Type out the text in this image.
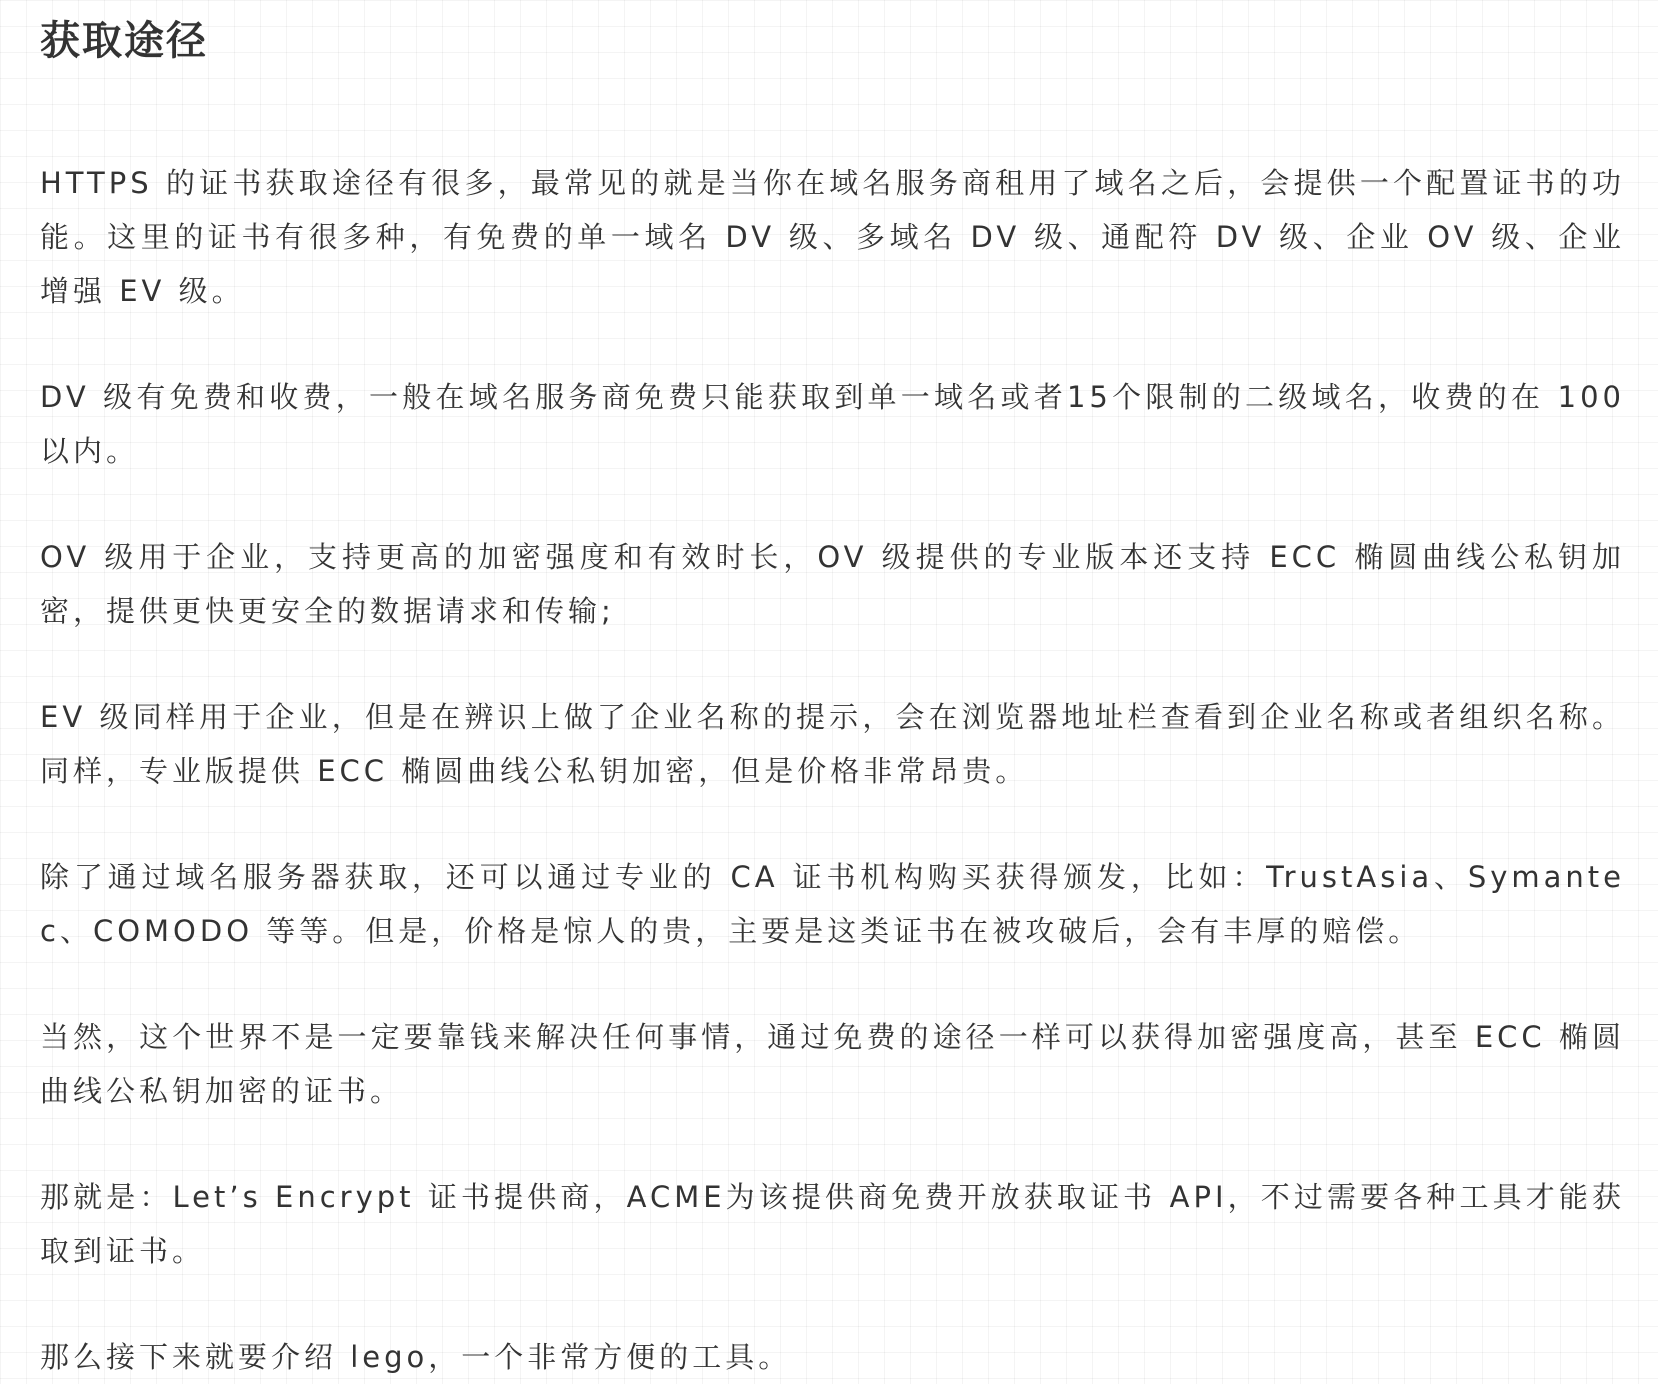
获取途径

HTTPS 的证书获取途径有很多，最常见的就是当你在域名服务商租用了域名之后，会提供一个配置证书的功能。这里的证书有很多种，有免费的单一域名 DV 级、多域名 DV 级、通配符 DV 级、企业 OV 级、企业增强 EV 级。

DV 级有免费和收费，一般在域名服务商免费只能获取到单一域名或者15个限制的二级域名，收费的在 100 以内。

OV 级用于企业，支持更高的加密强度和有效时长，OV 级提供的专业版本还支持 ECC 椭圆曲线公私钥加密，提供更快更安全的数据请求和传输;

EV 级同样用于企业，但是在辨识上做了企业名称的提示，会在浏览器地址栏查看到企业名称或者组织名称。同样，专业版提供 ECC 椭圆曲线公私钥加密，但是价格非常昂贵。

除了通过域名服务器获取，还可以通过专业的 CA 证书机构购买获得颁发，比如：TrustAsia、Symantec、COMODO 等等。但是，价格是惊人的贵，主要是这类证书在被攻破后，会有丰厚的赔偿。

当然，这个世界不是一定要靠钱来解决任何事情，通过免费的途径一样可以获得加密强度高，甚至 ECC 椭圆曲线公私钥加密的证书。

那就是：Let’s Encrypt 证书提供商，ACME为该提供商免费开放获取证书 API，不过需要各种工具才能获取到证书。

那么接下来就要介绍 lego，一个非常方便的工具。
